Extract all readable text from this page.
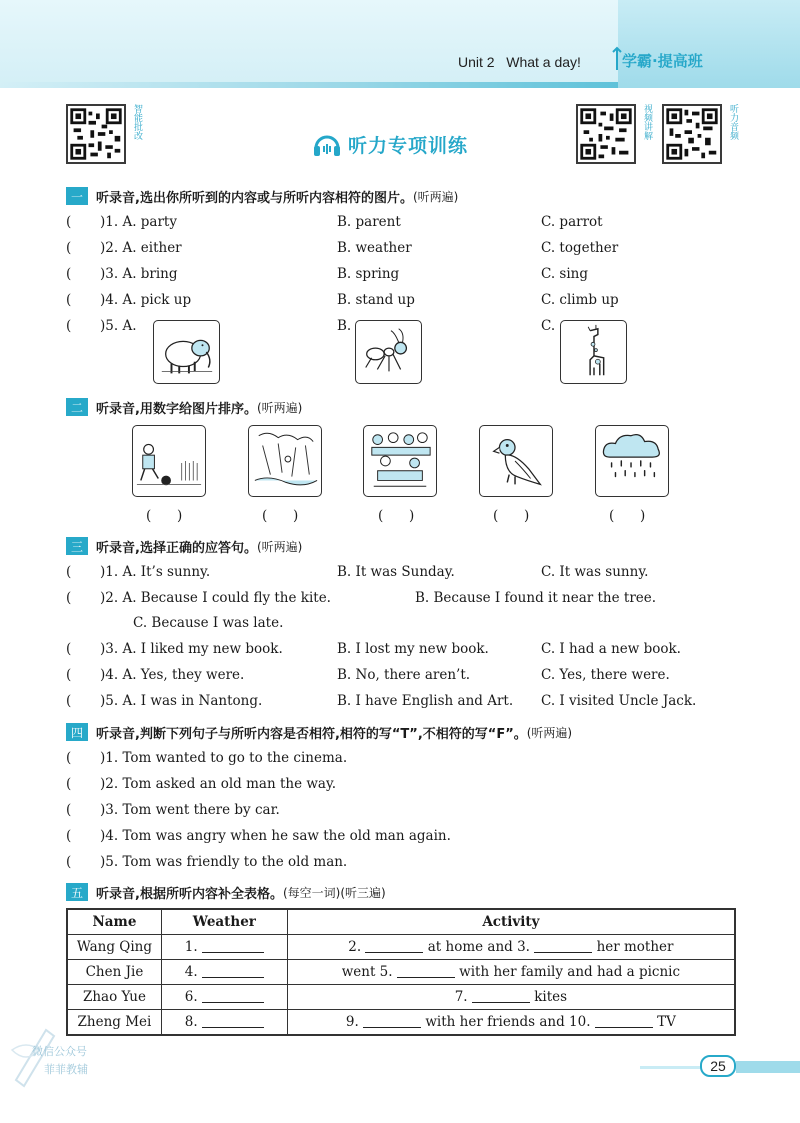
Unit 2   What a day!	学霸·提高班
智能批改	视频讲解	听力音频
听力专项训练
一	听录音,选出你所听到的内容或与所听内容相符的图片。 (听两遍)
( )1. A. party	B. parent	C. parrot
( )2. A. either	B. weather	C. together
( )3. A. bring	B. spring	C. sing
( )4. A. pick up	B. stand up	C. climb up
( )5. A.	B.	C.
二	听录音,用数字给图片排序。 (听两遍)
(      )	(      )	(      )	(      )	(      )
三	听录音,选择正确的应答句。 (听两遍)
( )1. A. It’s sunny.	B. It was Sunday.	C. It was sunny.
( )2. A. Because I could fly the kite.	B. Because I found it near the tree.
C. Because I was late.
( )3. A. I liked my new book.	B. I lost my new book.	C. I had a new book.
( )4. A. Yes, they were.	B. No, there aren’t.	C. Yes, there were.
( )5. A. I was in Nantong.	B. I have English and Art. C. I visited Uncle Jack.
四	听录音,判断下列句子与所听内容是否相符,相符的写“T”,不相符的写“F”。 (听两遍)
( )1. Tom wanted to go to the cinema.
( )2. Tom asked an old man the way.
( )3. Tom went there by car.
( )4. Tom was angry when he saw the old man again.
( )5. Tom was friendly to the old man.
五	听录音,根据所听内容补全表格。 (每空一词)(听三遍)
Name	Weather	Activity
Wang Qing	1.	2. at home and 3. her mother
Chen Jie	4.	went 5. with her family and had a picnic
Zhao Yue	6.	7. kites
Zheng Mei	8.	9. with her friends and 10. TV
微信公众号
菲菲教辅	25
